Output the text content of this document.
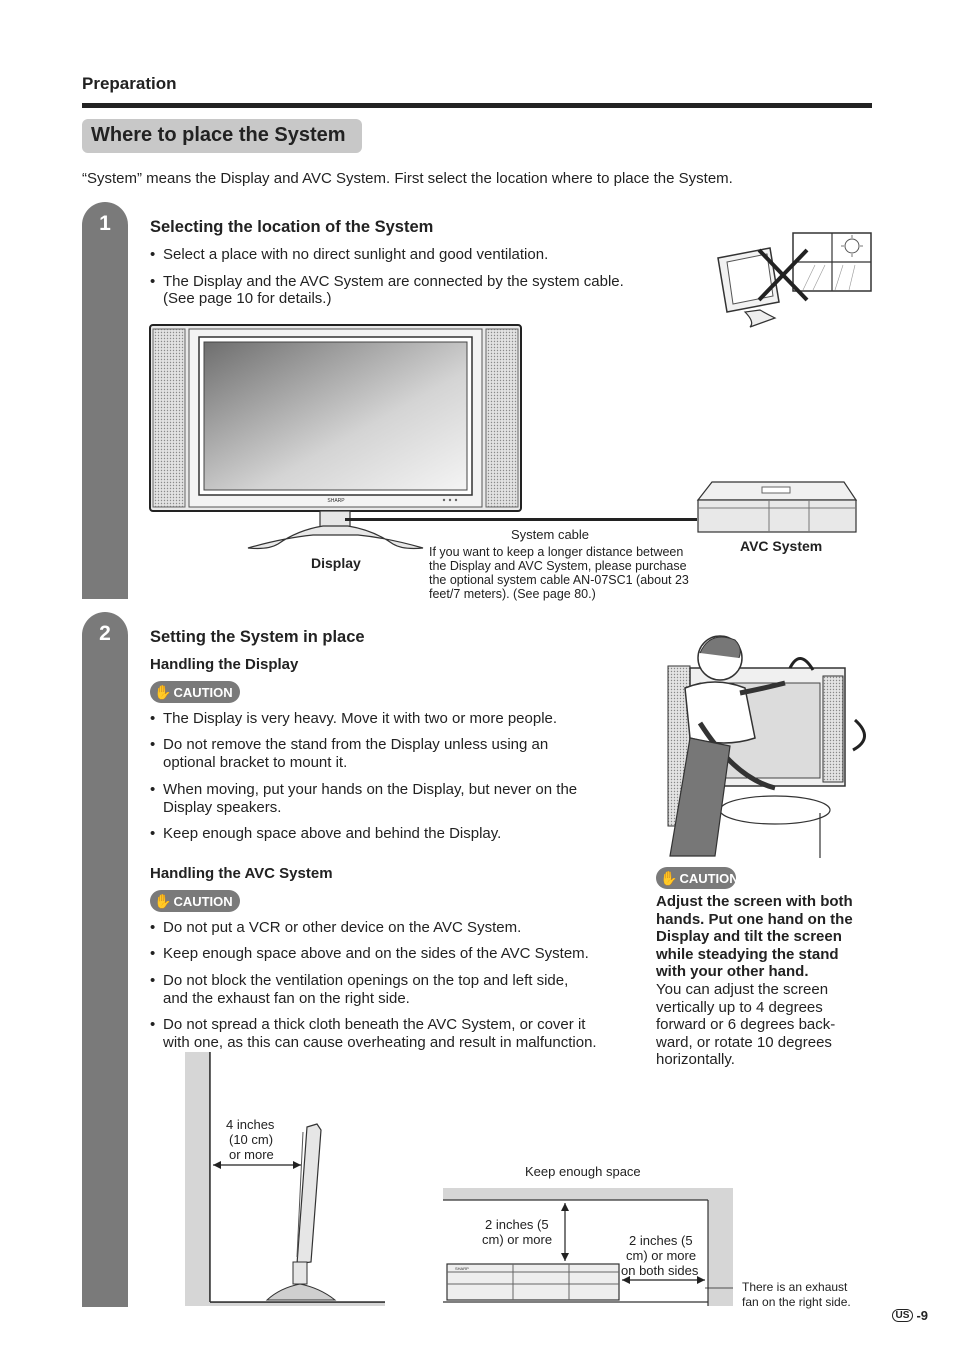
Preparation
Where to place the System
“System” means the Display and AVC System. First select the location where to place the System.
1	Selecting the location of the System
• Select a place with no direct sunlight and good ventilation.
• The Display and the AVC System are connected by the system cable.
(See page 10 for details.)
SHARP
System cable
If you want to keep a longer distance between
the Display and AVC System, please purchase
the optional system cable AN-07SC1 (about 23
feet/7 meters). (See page 80.)
Display
AVC System
2	Setting the System in place
Handling the Display
✋ CAUTION
• The Display is very heavy. Move it with two or more people.
• Do not remove the stand from the Display unless using an
optional bracket to mount it.
• When moving, put your hands on the Display, but never on the
Display speakers.
• Keep enough space above and behind the Display.
Handling the AVC System
✋ CAUTION
• Do not put a VCR or other device on the AVC System.
• Keep enough space above and on the sides of the AVC System.
• Do not block the ventilation openings on the top and left side,
and the exhaust fan on the right side.
• Do not spread a thick cloth beneath the AVC System, or cover it
with one, as this can cause overheating and result in malfunction.
✋ CAUTION
Adjust the screen with both
hands. Put one hand on the
Display and tilt the screen
while steadying the stand
with your other hand.
You can adjust the screen
vertically up to 4 degrees
forward or 6 degrees back-
ward, or rotate 10 degrees
horizontally.
4 inches
(10 cm)
or more
Keep enough space
SHARP
2 inches (5
cm) or more	2 inches (5
cm) or more
on both sides
There is an exhaust
fan on the right side.
US -9
